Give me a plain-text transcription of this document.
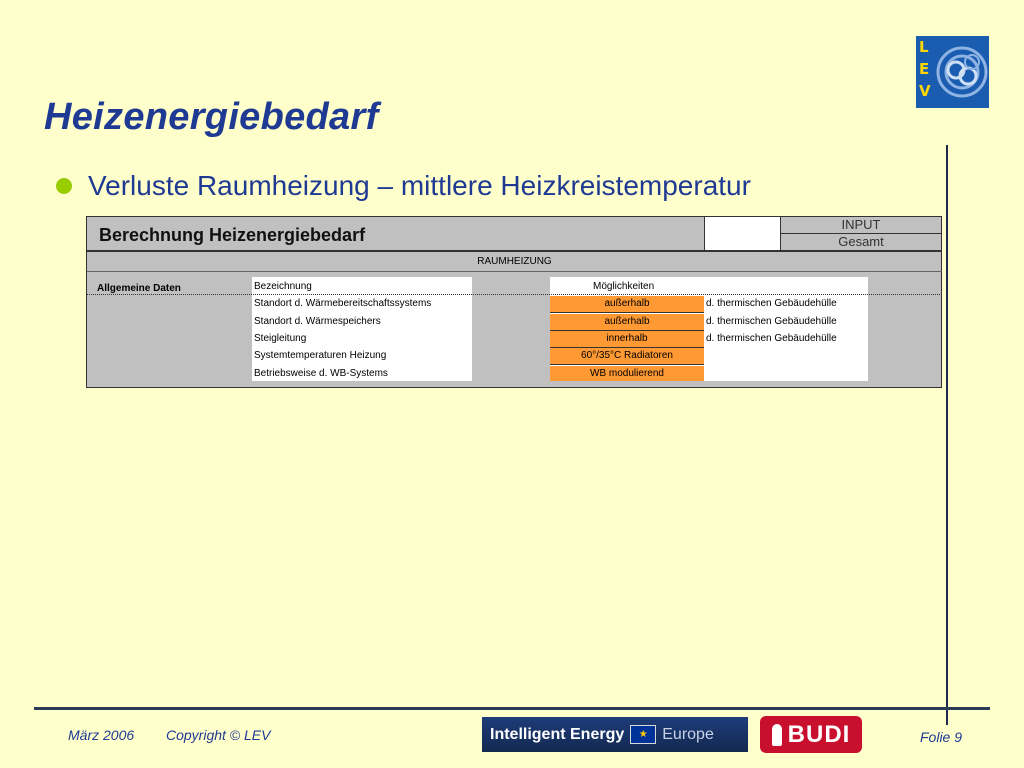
L
E
V
Heizenergiebedarf
Verluste Raumheizung – mittlere Heizkreistemperatur
Berechnung Heizenergiebedarf
INPUT
Gesamt
RAUMHEIZUNG
Allgemeine Daten	Bezeichnung	Möglichkeiten
Standort d. Wärmebereitschaftssystems	außerhalb	d. thermischen Gebäudehülle
Standort d. Wärmespeichers	außerhalb	d. thermischen Gebäudehülle
Steigleitung	innerhalb	d. thermischen Gebäudehülle
Systemtemperaturen Heizung	60°/35°C Radiatoren
Betriebsweise d. WB-Systems	WB modulierend
März 2006 Copyright © LEV	Intelligent Energy	★ Europe	BUDI	Folie 9
